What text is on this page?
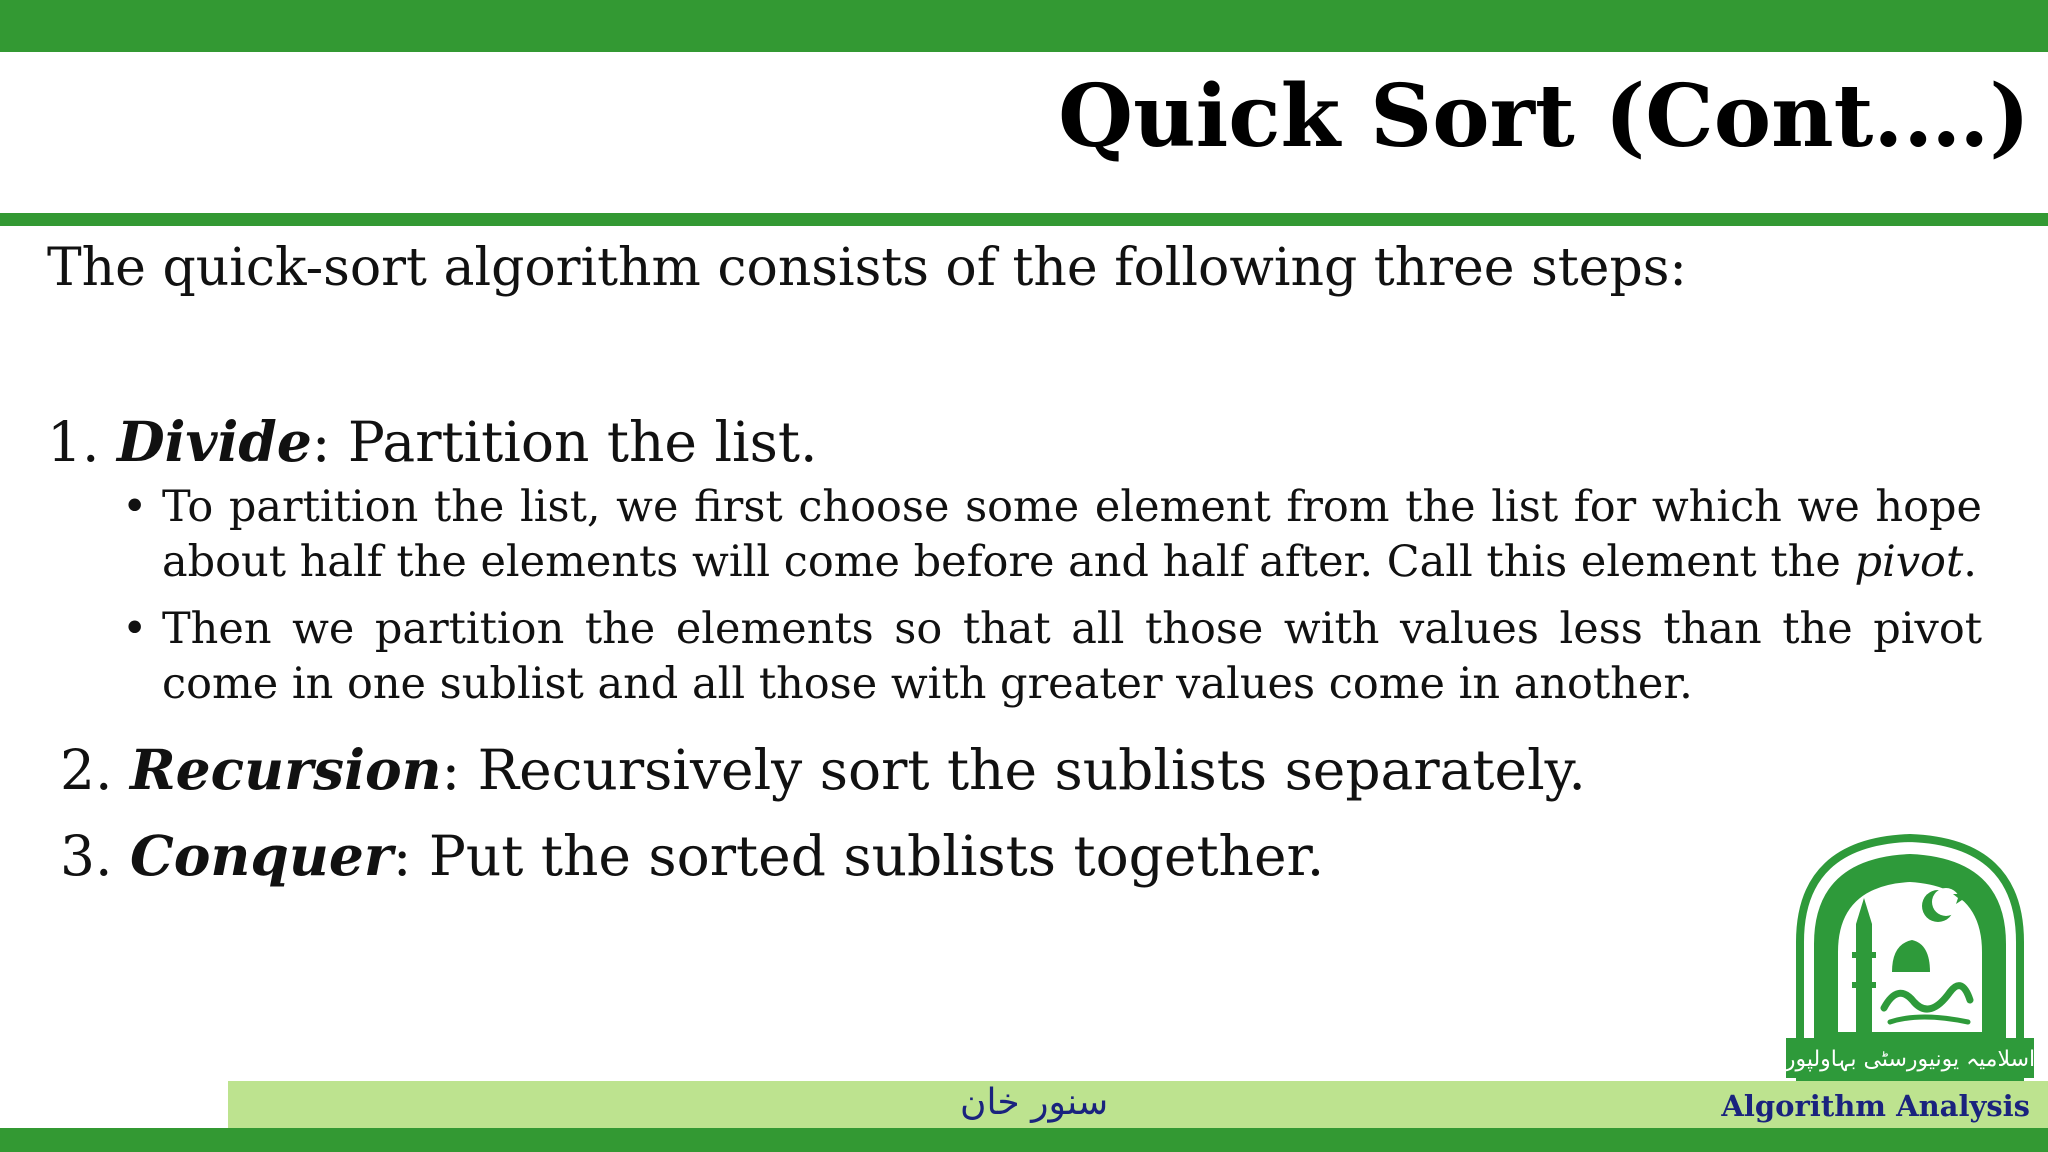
Quick Sort (Cont.…)
The quick-sort algorithm consists of the following three steps:
1. Divide: Partition the list.
• To partition the list, we first choose some element from the list for which we hope about half the elements will come before and half after. Call this element the pivot.
• Then we partition the elements so that all those with values less than the pivot come in one sublist and all those with greater values come in another.
2. Recursion: Recursively sort the sublists separately.
3. Conquer: Put the sorted sublists together.
اسلامیہ یونیورسٹی بہاولپور
سنور خان	Algorithm Analysis
